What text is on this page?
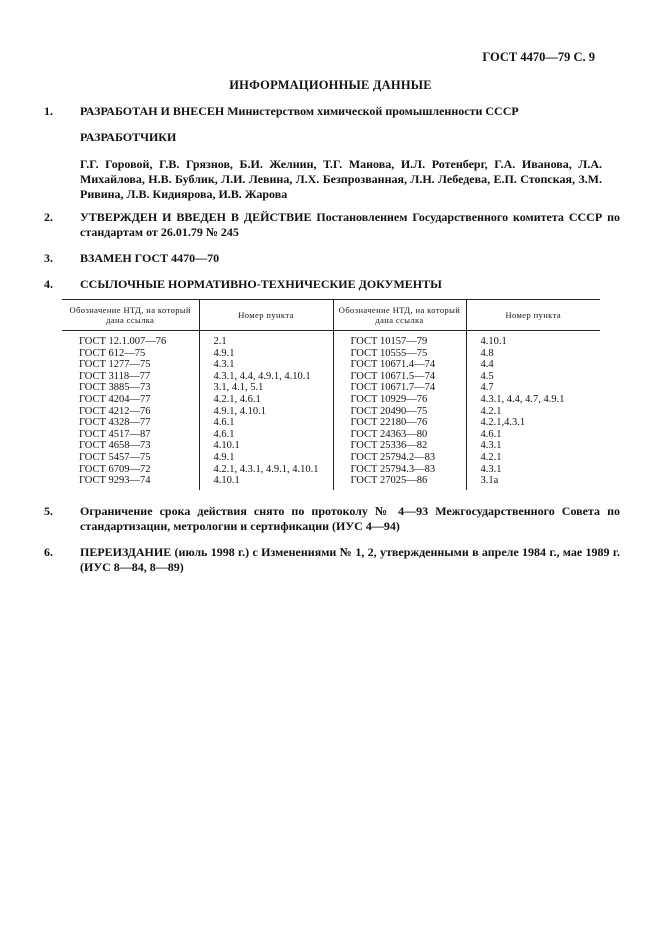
ГОСТ 4470—79 С. 9
ИНФОРМАЦИОННЫЕ ДАННЫЕ
1. РАЗРАБОТАН И ВНЕСЕН Министерством химической промышленности СССР
РАЗРАБОТЧИКИ
Г.Г. Горовой, Г.В. Грязнов, Б.И. Желнин, Т.Г. Манова, И.Л. Ротенберг, Г.А. Иванова, Л.А. Михайлова, Н.В. Бублик, Л.И. Левина, Л.Х. Безпрозванная, Л.Н. Лебедева, Е.П. Стопская, З.М. Ривина, Л.В. Кидиярова, И.В. Жарова
2. УТВЕРЖДЕН И ВВЕДЕН В ДЕЙСТВИЕ Постановлением Государственного комитета СССР по стандартам от 26.01.79 № 245
3. ВЗАМЕН ГОСТ 4470—70
4. ССЫЛОЧНЫЕ НОРМАТИВНО-ТЕХНИЧЕСКИЕ ДОКУМЕНТЫ
Обозначение НТД, на который дана ссылка	Номер пункта	Обозначение НТД, на который дана ссылка	Номер пункта
ГОСТ 12.1.007—76	2.1	ГОСТ 10157—79	4.10.1
ГОСТ 612—75	4.9.1	ГОСТ 10555—75	4.8
ГОСТ 1277—75	4.3.1	ГОСТ 10671.4—74	4.4
ГОСТ 3118—77	4.3.1, 4.4, 4.9.1, 4.10.1	ГОСТ 10671.5—74	4.5
ГОСТ 3885—73	3.1, 4.1, 5.1	ГОСТ 10671.7—74	4.7
ГОСТ 4204—77	4.2.1, 4.6.1	ГОСТ 10929—76	4.3.1, 4.4, 4.7, 4.9.1
ГОСТ 4212—76	4.9.1, 4.10.1	ГОСТ 20490—75	4.2.1
ГОСТ 4328—77	4.6.1	ГОСТ 22180—76	4.2.1,4.3.1
ГОСТ 4517—87	4.6.1	ГОСТ 24363—80	4.6.1
ГОСТ 4658—73	4.10.1	ГОСТ 25336—82	4.3.1
ГОСТ 5457—75	4.9.1	ГОСТ 25794.2—83	4.2.1
ГОСТ 6709—72	4.2.1, 4.3.1, 4.9.1, 4.10.1	ГОСТ 25794.3—83	4.3.1
ГОСТ 9293—74	4.10.1	ГОСТ 27025—86	3.1а
5. Ограничение срока действия снято по протоколу № 4—93 Межгосударственного Совета по стандартизации, метрологии и сертификации (ИУС 4—94)
6. ПЕРЕИЗДАНИЕ (июль 1998 г.) с Изменениями № 1, 2, утвержденными в апреле 1984 г., мае 1989 г. (ИУС 8—84, 8—89)
